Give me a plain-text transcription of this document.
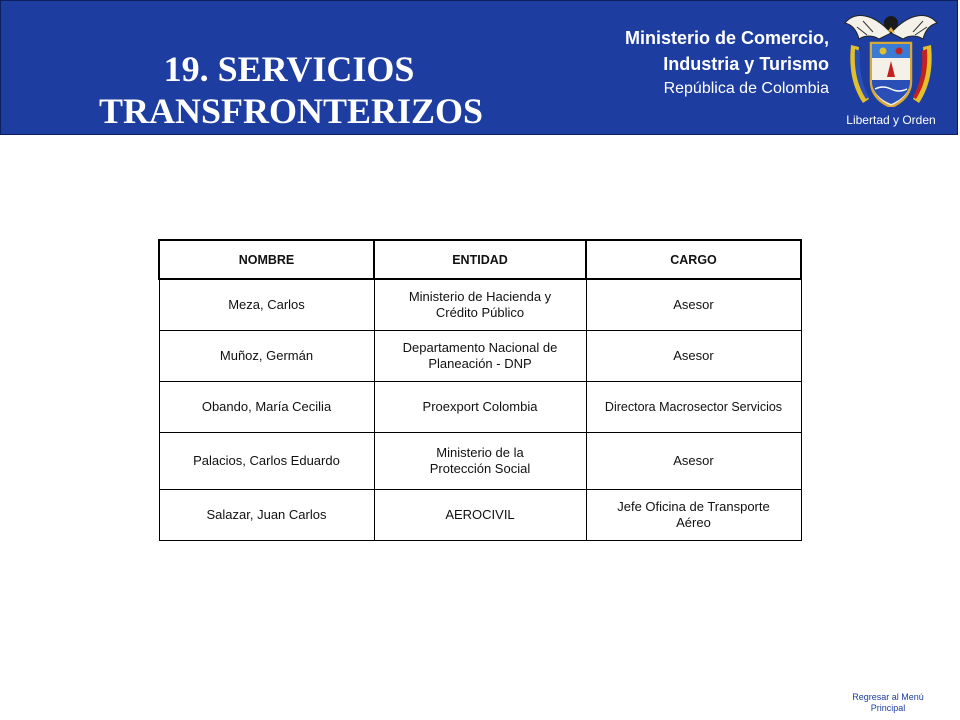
19. SERVICIOS
TRANSFRONTERIZOS
Ministerio de Comercio,
Industria y Turismo
República de Colombia
Libertad y Orden
NOMBRE	ENTIDAD	CARGO
Meza, Carlos	Ministerio de Hacienda y Crédito Público	Asesor
Muñoz, Germán	Departamento Nacional de Planeación - DNP	Asesor
Obando, María Cecilia	Proexport Colombia	Directora Macrosector Servicios
Palacios, Carlos Eduardo	Ministerio de la Protección Social	Asesor
Salazar, Juan Carlos	AEROCIVIL	Jefe Oficina de Transporte Aéreo
Regresar al Menú
Principal
